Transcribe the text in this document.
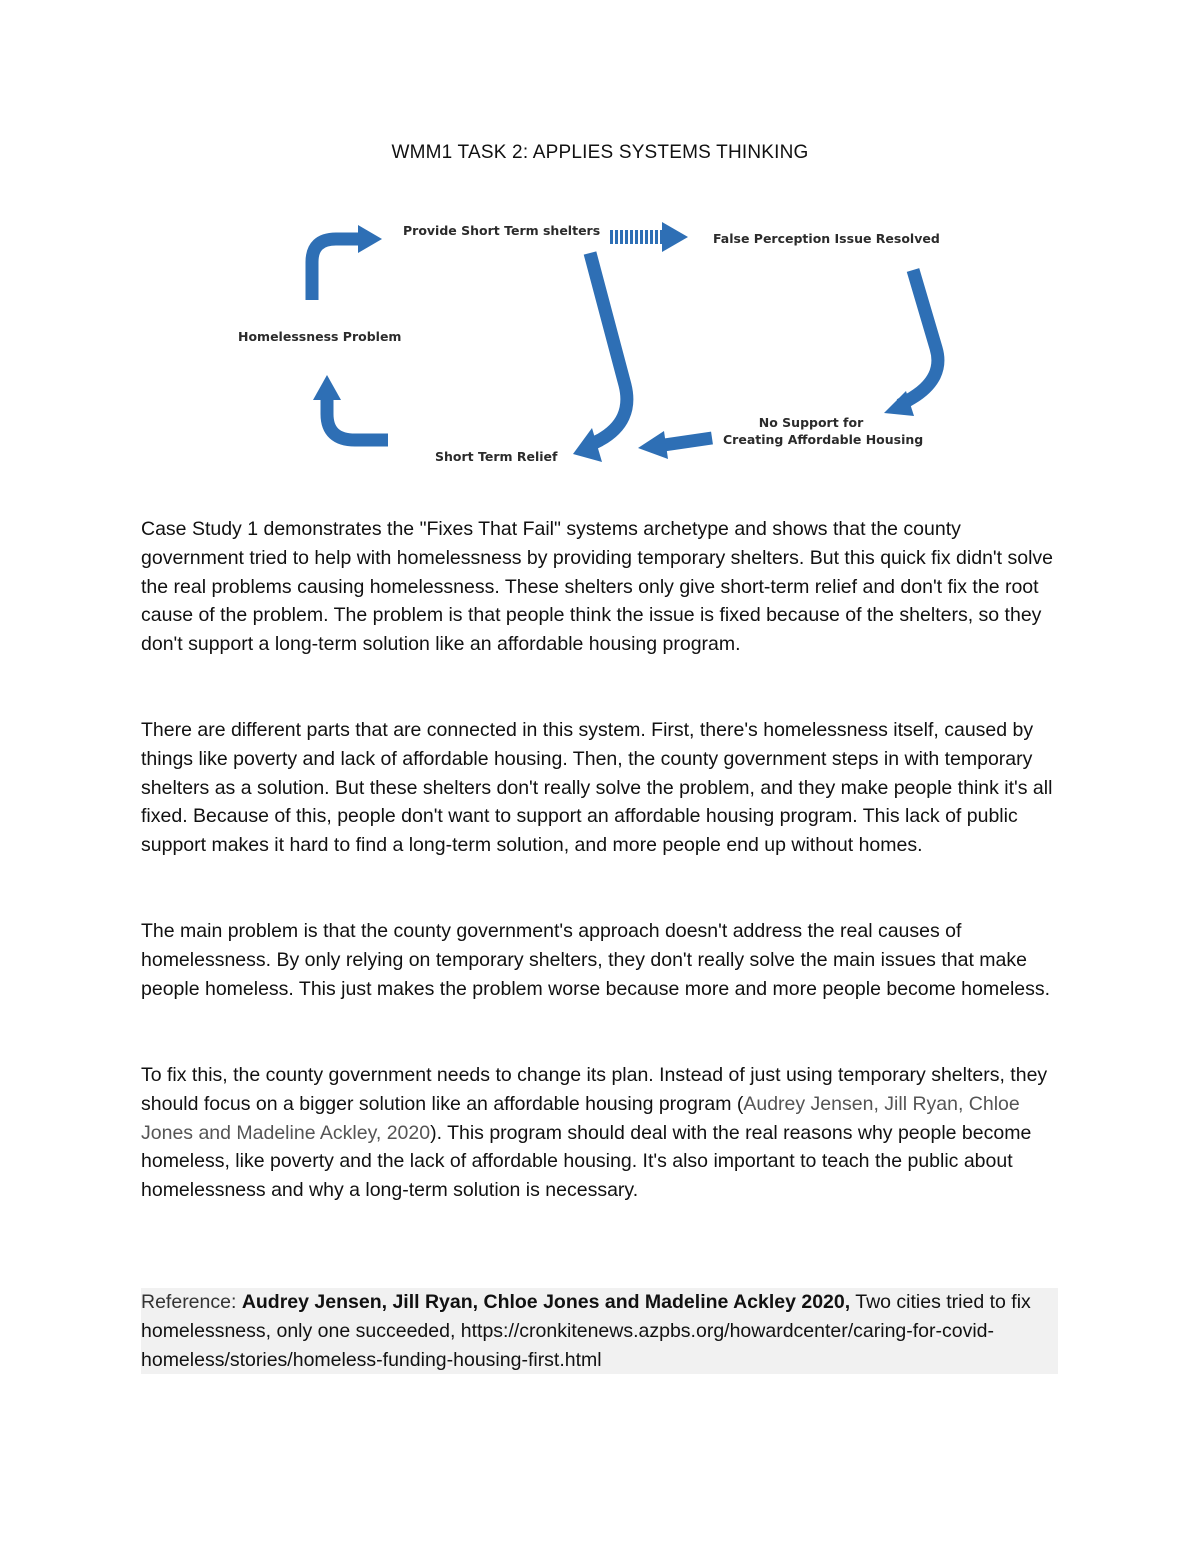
WMM1 TASK 2: APPLIES SYSTEMS THINKING
Provide Short Term shelters
False Perception Issue Resolved
Homelessness Problem
No Support for
Creating Affordable Housing
Short Term Relief

Case Study 1 demonstrates the "Fixes That Fail" systems archetype and shows that the county government tried to help with homelessness by providing temporary shelters. But this quick fix didn't solve the real problems causing homelessness. These shelters only give short-term relief and don't fix the root cause of the problem. The problem is that people think the issue is fixed because of the shelters, so they don't support a long-term solution like an affordable housing program.

There are different parts that are connected in this system. First, there's homelessness itself, caused by things like poverty and lack of affordable housing. Then, the county government steps in with temporary shelters as a solution. But these shelters don't really solve the problem, and they make people think it's all fixed. Because of this, people don't want to support an affordable housing program. This lack of public support makes it hard to find a long-term solution, and more people end up without homes.

The main problem is that the county government's approach doesn't address the real causes of homelessness. By only relying on temporary shelters, they don't really solve the main issues that make people homeless. This just makes the problem worse because more and more people become homeless.

To fix this, the county government needs to change its plan. Instead of just using temporary shelters, they should focus on a bigger solution like an affordable housing program (Audrey Jensen, Jill Ryan, Chloe Jones and Madeline Ackley, 2020). This program should deal with the real reasons why people become homeless, like poverty and the lack of affordable housing. It's also important to teach the public about homelessness and why a long-term solution is necessary.

Reference: Audrey Jensen, Jill Ryan, Chloe Jones and Madeline Ackley 2020, Two cities tried to fix homelessness, only one succeeded, https://cronkitenews.azpbs.org/howardcenter/caring-for-covid-homeless/stories/homeless-funding-housing-first.html
